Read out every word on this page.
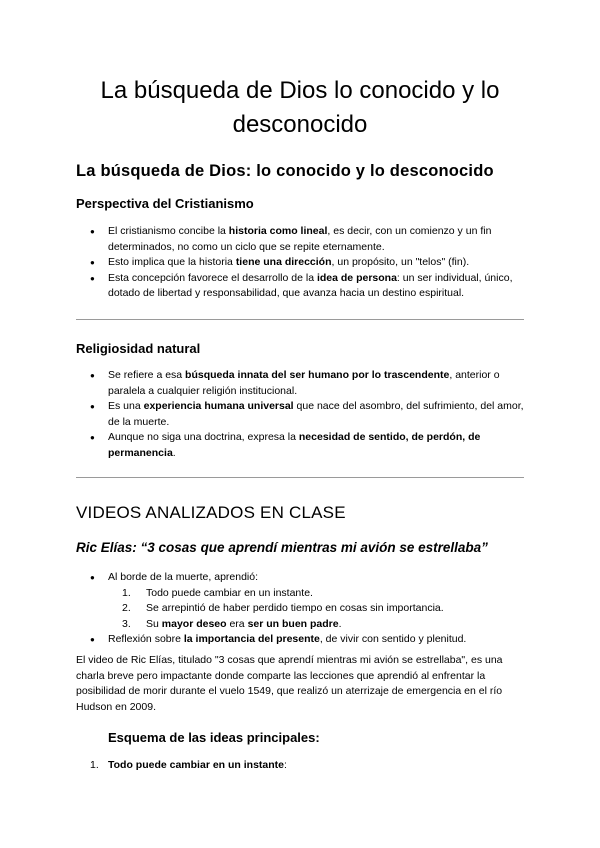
La búsqueda de Dios lo conocido y lo desconocido
La búsqueda de Dios: lo conocido y lo desconocido
Perspectiva del Cristianismo
● El cristianismo concibe la historia como lineal, es decir, con un comienzo y un fin determinados, no como un ciclo que se repite eternamente.
● Esto implica que la historia tiene una dirección, un propósito, un "telos" (fin).
● Esta concepción favorece el desarrollo de la idea de persona: un ser individual, único, dotado de libertad y responsabilidad, que avanza hacia un destino espiritual.
Religiosidad natural
● Se refiere a esa búsqueda innata del ser humano por lo trascendente, anterior o paralela a cualquier religión institucional.
● Es una experiencia humana universal que nace del asombro, del sufrimiento, del amor, de la muerte.
● Aunque no siga una doctrina, expresa la necesidad de sentido, de perdón, de permanencia.
VIDEOS ANALIZADOS EN CLASE
Ric Elías: “3 cosas que aprendí mientras mi avión se estrellaba”
● Al borde de la muerte, aprendió:
1. Todo puede cambiar en un instante.
2. Se arrepintió de haber perdido tiempo en cosas sin importancia.
3. Su mayor deseo era ser un buen padre.
● Reflexión sobre la importancia del presente, de vivir con sentido y plenitud.

El video de Ric Elías, titulado "3 cosas que aprendí mientras mi avión se estrellaba", es una charla breve pero impactante donde comparte las lecciones que aprendió al enfrentar la posibilidad de morir durante el vuelo 1549, que realizó un aterrizaje de emergencia en el río Hudson en 2009.

Esquema de las ideas principales:
1. Todo puede cambiar en un instante:
